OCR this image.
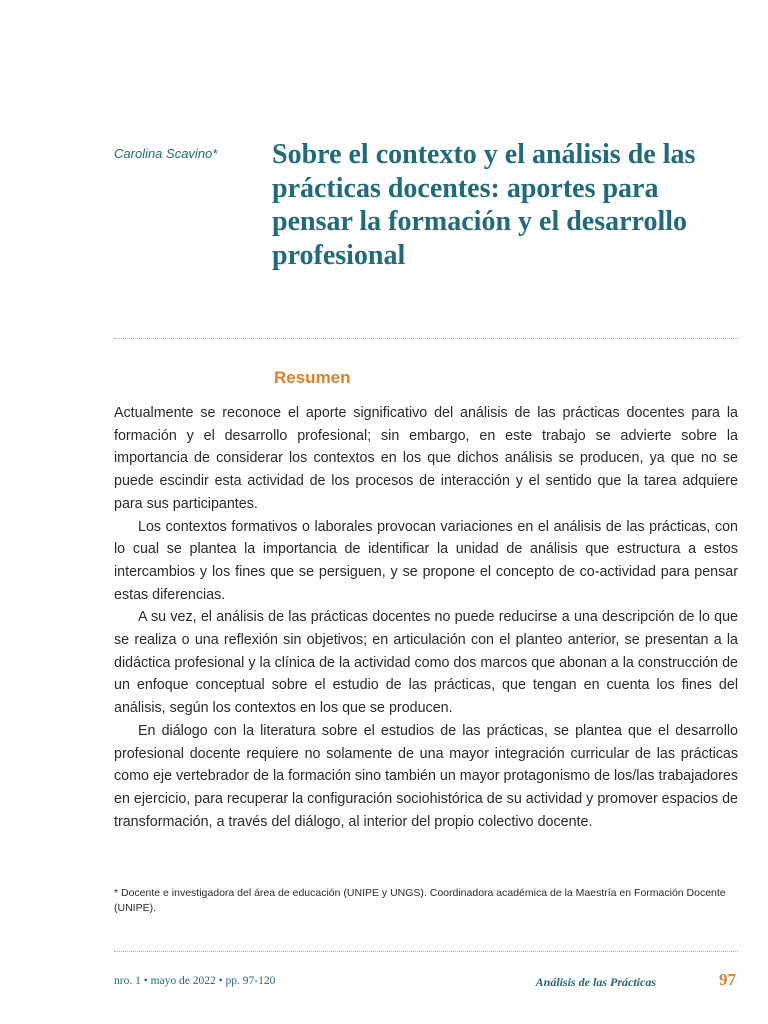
Carolina Scavino* Sobre el contexto y el análisis de las prácticas docentes: aportes para pensar la formación y el desarrollo profesional
Resumen

Actualmente se reconoce el aporte significativo del análisis de las prácticas docentes para la formación y el desarrollo profesional; sin embargo, en este trabajo se advierte sobre la importancia de considerar los contextos en los que dichos análisis se producen, ya que no se puede escindir esta actividad de los procesos de interacción y el sentido que la tarea adquiere para sus participantes.

Los contextos formativos o laborales provocan variaciones en el análisis de las prácticas, con lo cual se plantea la importancia de identificar la unidad de análisis que estructura a estos intercambios y los fines que se persiguen, y se propone el concepto de co-actividad para pensar estas diferencias.

A su vez, el análisis de las prácticas docentes no puede reducirse a una descripción de lo que se realiza o una reflexión sin objetivos; en articulación con el planteo anterior, se presentan a la didáctica profesional y la clínica de la actividad como dos marcos que abonan a la construcción de un enfoque conceptual sobre el estudio de las prácticas, que tengan en cuenta los fines del análisis, según los contextos en los que se producen.

En diálogo con la literatura sobre el estudios de las prácticas, se plantea que el desarrollo profesional docente requiere no solamente de una mayor integración curricular de las prácticas como eje vertebrador de la formación sino también un mayor protagonismo de los/las trabajadores en ejercicio, para recuperar la configuración sociohistórica de su actividad y promover espacios de transformación, a través del diálogo, al interior del propio colectivo docente.

* Docente e investigadora del área de educación (UNIPE y UNGS). Coordinadora académica de la Maestría en Formación Docente (UNIPE).

nro. 1 • mayo de 2022 • pp. 97-120	Análisis de las Prácticas	97
